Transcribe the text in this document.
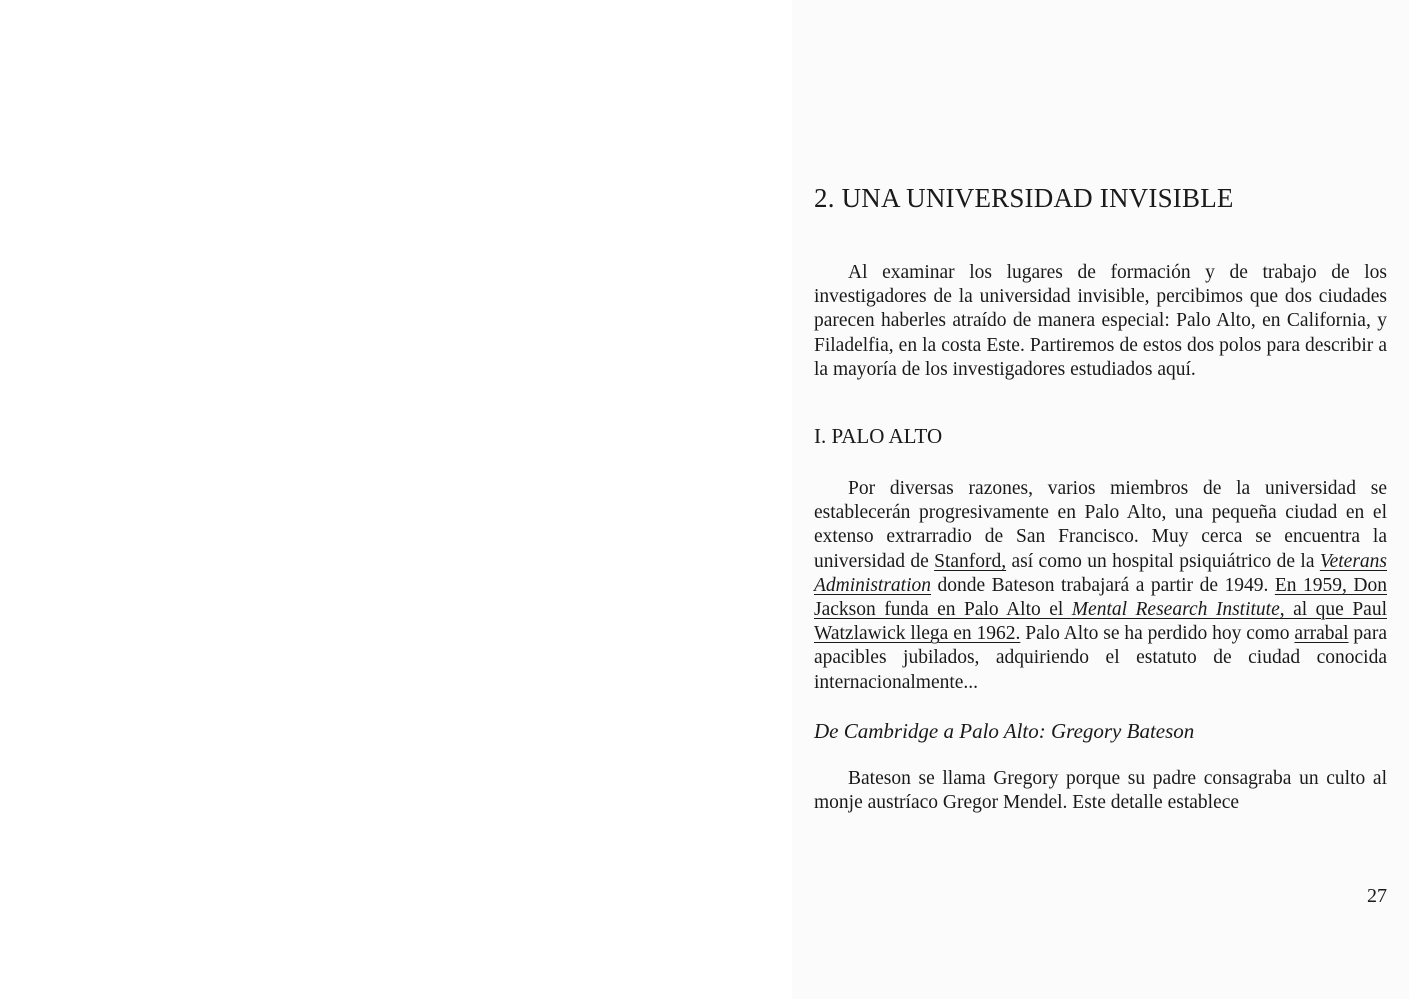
2. UNA UNIVERSIDAD INVISIBLE

Al examinar los lugares de formación y de trabajo de los investigadores de la universidad invisible, percibimos que dos ciudades parecen haberles atraído de manera especial: Palo Alto, en California, y Filadelfia, en la costa Este. Partiremos de estos dos polos para describir a la mayoría de los investigadores estudiados aquí.

I. PALO ALTO

Por diversas razones, varios miembros de la universidad se establecerán progresivamente en Palo Alto, una pequeña ciudad en el extenso extrarradio de San Francisco. Muy cerca se encuentra la universidad de Stanford, así como un hospital psiquiátrico de la Veterans Administration donde Bateson trabajará a partir de 1949. En 1959, Don Jackson funda en Palo Alto el Mental Research Institute, al que Paul Watzlawick llega en 1962. Palo Alto se ha perdido hoy como arrabal para apacibles jubilados, adquiriendo el estatuto de ciudad conocida internacionalmente...

De Cambridge a Palo Alto: Gregory Bateson

Bateson se llama Gregory porque su padre consagraba un culto al monje austríaco Gregor Mendel. Este detalle establece

27
